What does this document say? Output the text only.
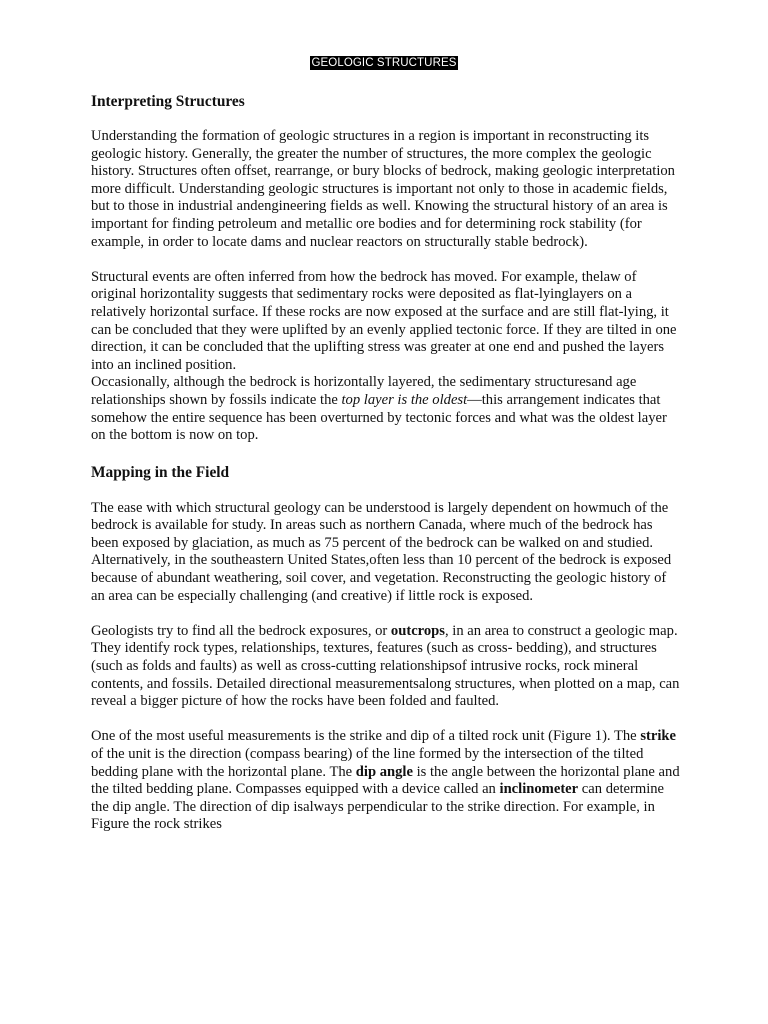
GEOLOGIC STRUCTURES
Interpreting Structures

Understanding the formation of geologic structures in a region is important in reconstructing its geologic history. Generally, the greater the number of structures, the more complex the geologic history. Structures often offset, rearrange, or bury blocks of bedrock, making geologic interpretation more difficult. Understanding geologic structures is important not only to those in academic fields, but to those in industrial andengineering fields as well. Knowing the structural history of an area is important for finding petroleum and metallic ore bodies and for determining rock stability (for example, in order to locate dams and nuclear reactors on structurally stable bedrock).

Structural events are often inferred from how the bedrock has moved. For example, thelaw of original horizontality suggests that sedimentary rocks were deposited as flat-lyinglayers on a relatively horizontal surface. If these rocks are now exposed at the surface and are still flat-lying, it can be concluded that they were uplifted by an evenly applied tectonic force. If they are tilted in one direction, it can be concluded that the uplifting stress was greater at one end and pushed the layers into an inclined position.

Occasionally, although the bedrock is horizontally layered, the sedimentary structuresand age relationships shown by fossils indicate the top layer is the oldest—this arrangement indicates that somehow the entire sequence has been overturned by tectonic forces and what was the oldest layer on the bottom is now on top.

Mapping in the Field

The ease with which structural geology can be understood is largely dependent on howmuch of the bedrock is available for study. In areas such as northern Canada, where much of the bedrock has been exposed by glaciation, as much as 75 percent of the bedrock can be walked on and studied. Alternatively, in the southeastern United States,often less than 10 percent of the bedrock is exposed because of abundant weathering, soil cover, and vegetation. Reconstructing the geologic history of an area can be especially challenging (and creative) if little rock is exposed.

Geologists try to find all the bedrock exposures, or outcrops, in an area to construct a geologic map. They identify rock types, relationships, textures, features (such as cross- bedding), and structures (such as folds and faults) as well as cross-cutting relationshipsof intrusive rocks, rock mineral contents, and fossils. Detailed directional measurementsalong structures, when plotted on a map, can reveal a bigger picture of how the rocks have been folded and faulted.

One of the most useful measurements is the strike and dip of a tilted rock unit (Figure 1). The strike of the unit is the direction (compass bearing) of the line formed by the intersection of the tilted bedding plane with the horizontal plane. The dip angle is the angle between the horizontal plane and the tilted bedding plane. Compasses equipped with a device called an inclinometer can determine the dip angle. The direction of dip isalways perpendicular to the strike direction. For example, in Figure the rock strikes
